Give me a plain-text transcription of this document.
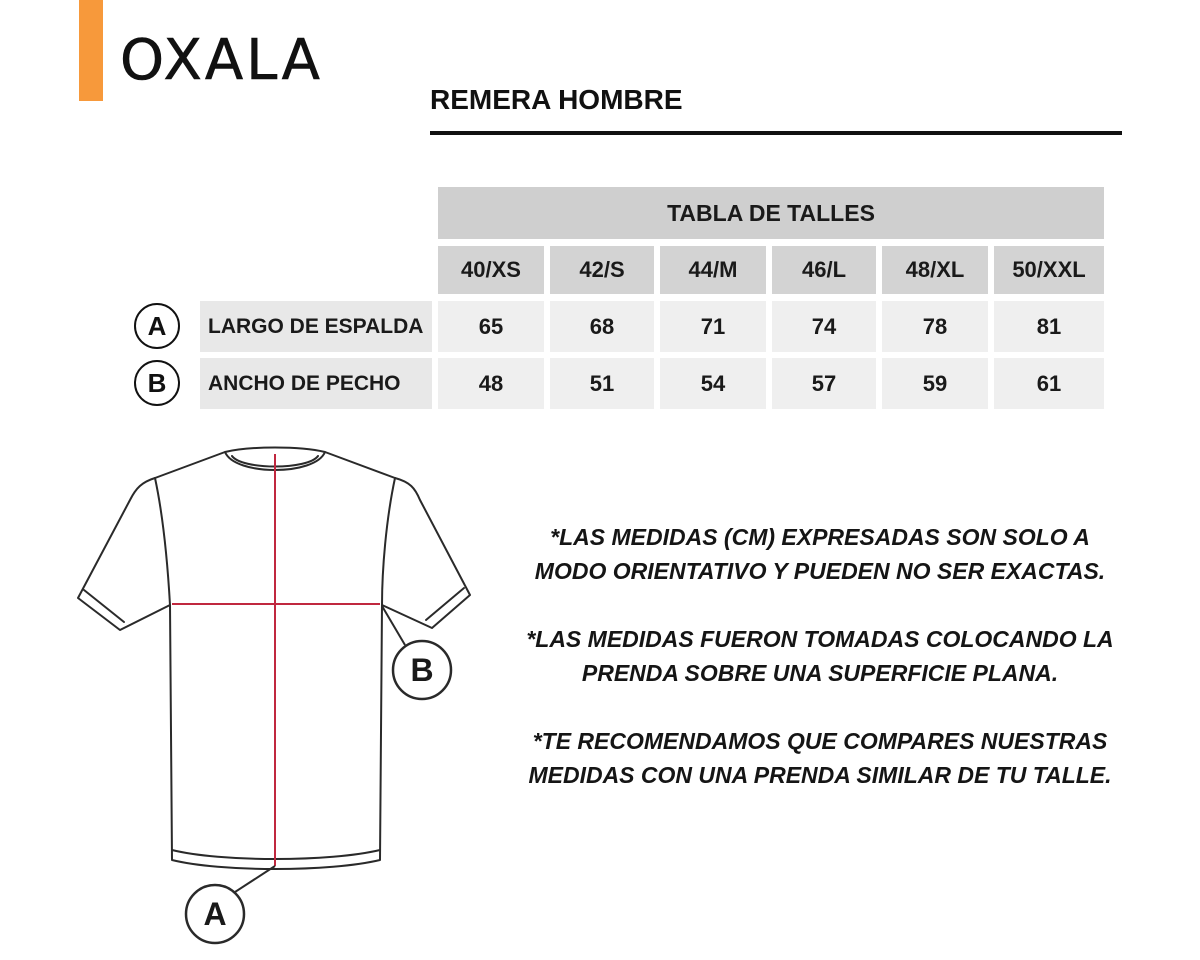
OXALA
REMERA HOMBRE
TABLA DE TALLES
40/XS	42/S	44/M	46/L	48/XL	50/XXL
A	LARGO DE ESPALDA	65	68	71	74	78	81
B	ANCHO DE PECHO	48	51	54	57	59	61
B
A

*LAS MEDIDAS (CM) EXPRESADAS SON SOLO A MODO ORIENTATIVO Y PUEDEN NO SER EXACTAS.

*LAS MEDIDAS FUERON TOMADAS COLOCANDO LA PRENDA SOBRE UNA SUPERFICIE PLANA.

*TE RECOMENDAMOS QUE COMPARES NUESTRAS MEDIDAS CON UNA PRENDA SIMILAR DE TU TALLE.
